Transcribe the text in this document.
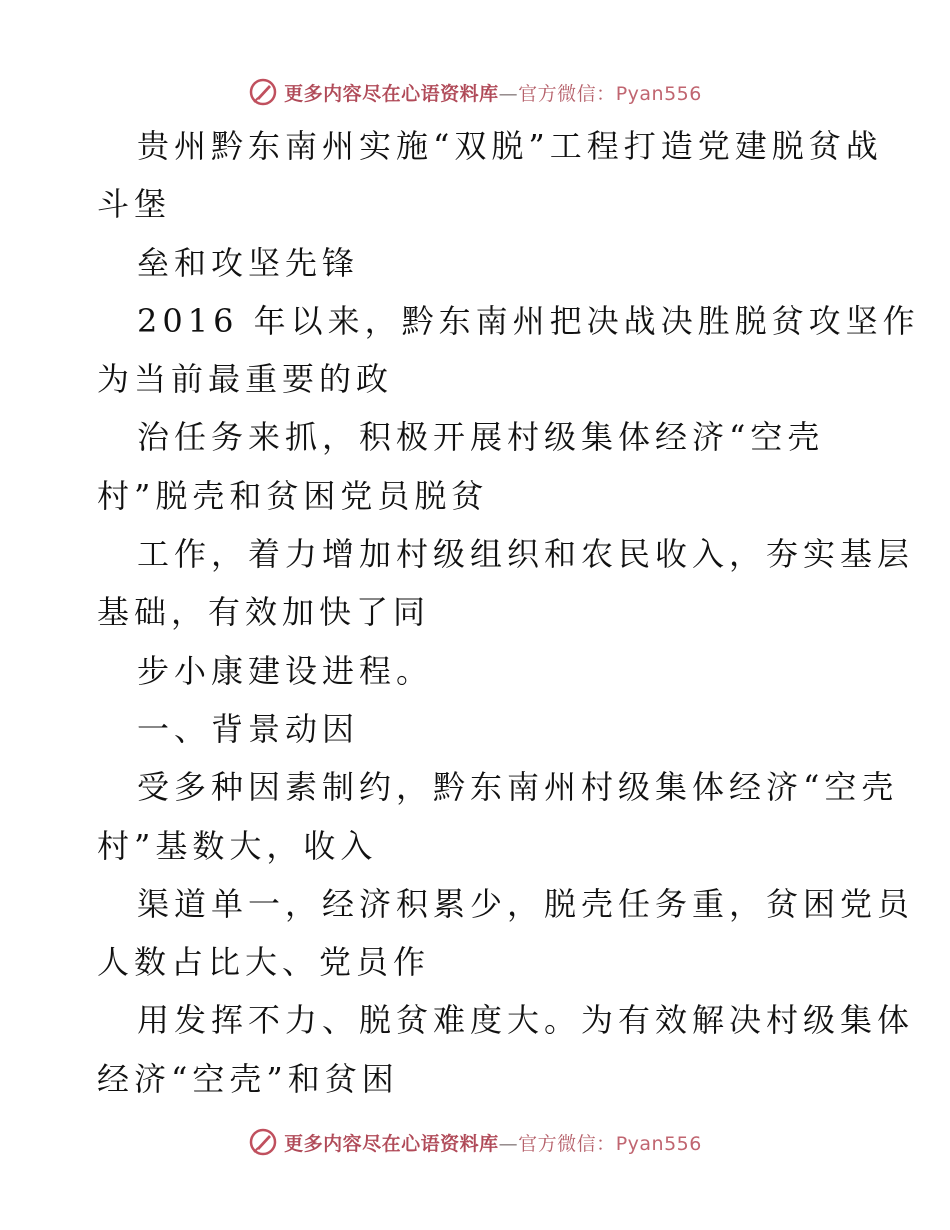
更多内容尽在心语资料库—官方微信：Pyan556
贵州黔东南州实施“双脱”工程打造党建脱贫战
斗堡
垒和攻坚先锋
2016 年以来，黔东南州把决战决胜脱贫攻坚作
为当前最重要的政
治任务来抓，积极开展村级集体经济“空壳
村”脱壳和贫困党员脱贫
工作，着力增加村级组织和农民收入，夯实基层
基础，有效加快了同
步小康建设进程。
一、背景动因
受多种因素制约，黔东南州村级集体经济“空壳
村”基数大，收入
渠道单一，经济积累少，脱壳任务重，贫困党员
人数占比大、党员作
用发挥不力、脱贫难度大。为有效解决村级集体
经济“空壳”和贫困
更多内容尽在心语资料库—官方微信：Pyan556
